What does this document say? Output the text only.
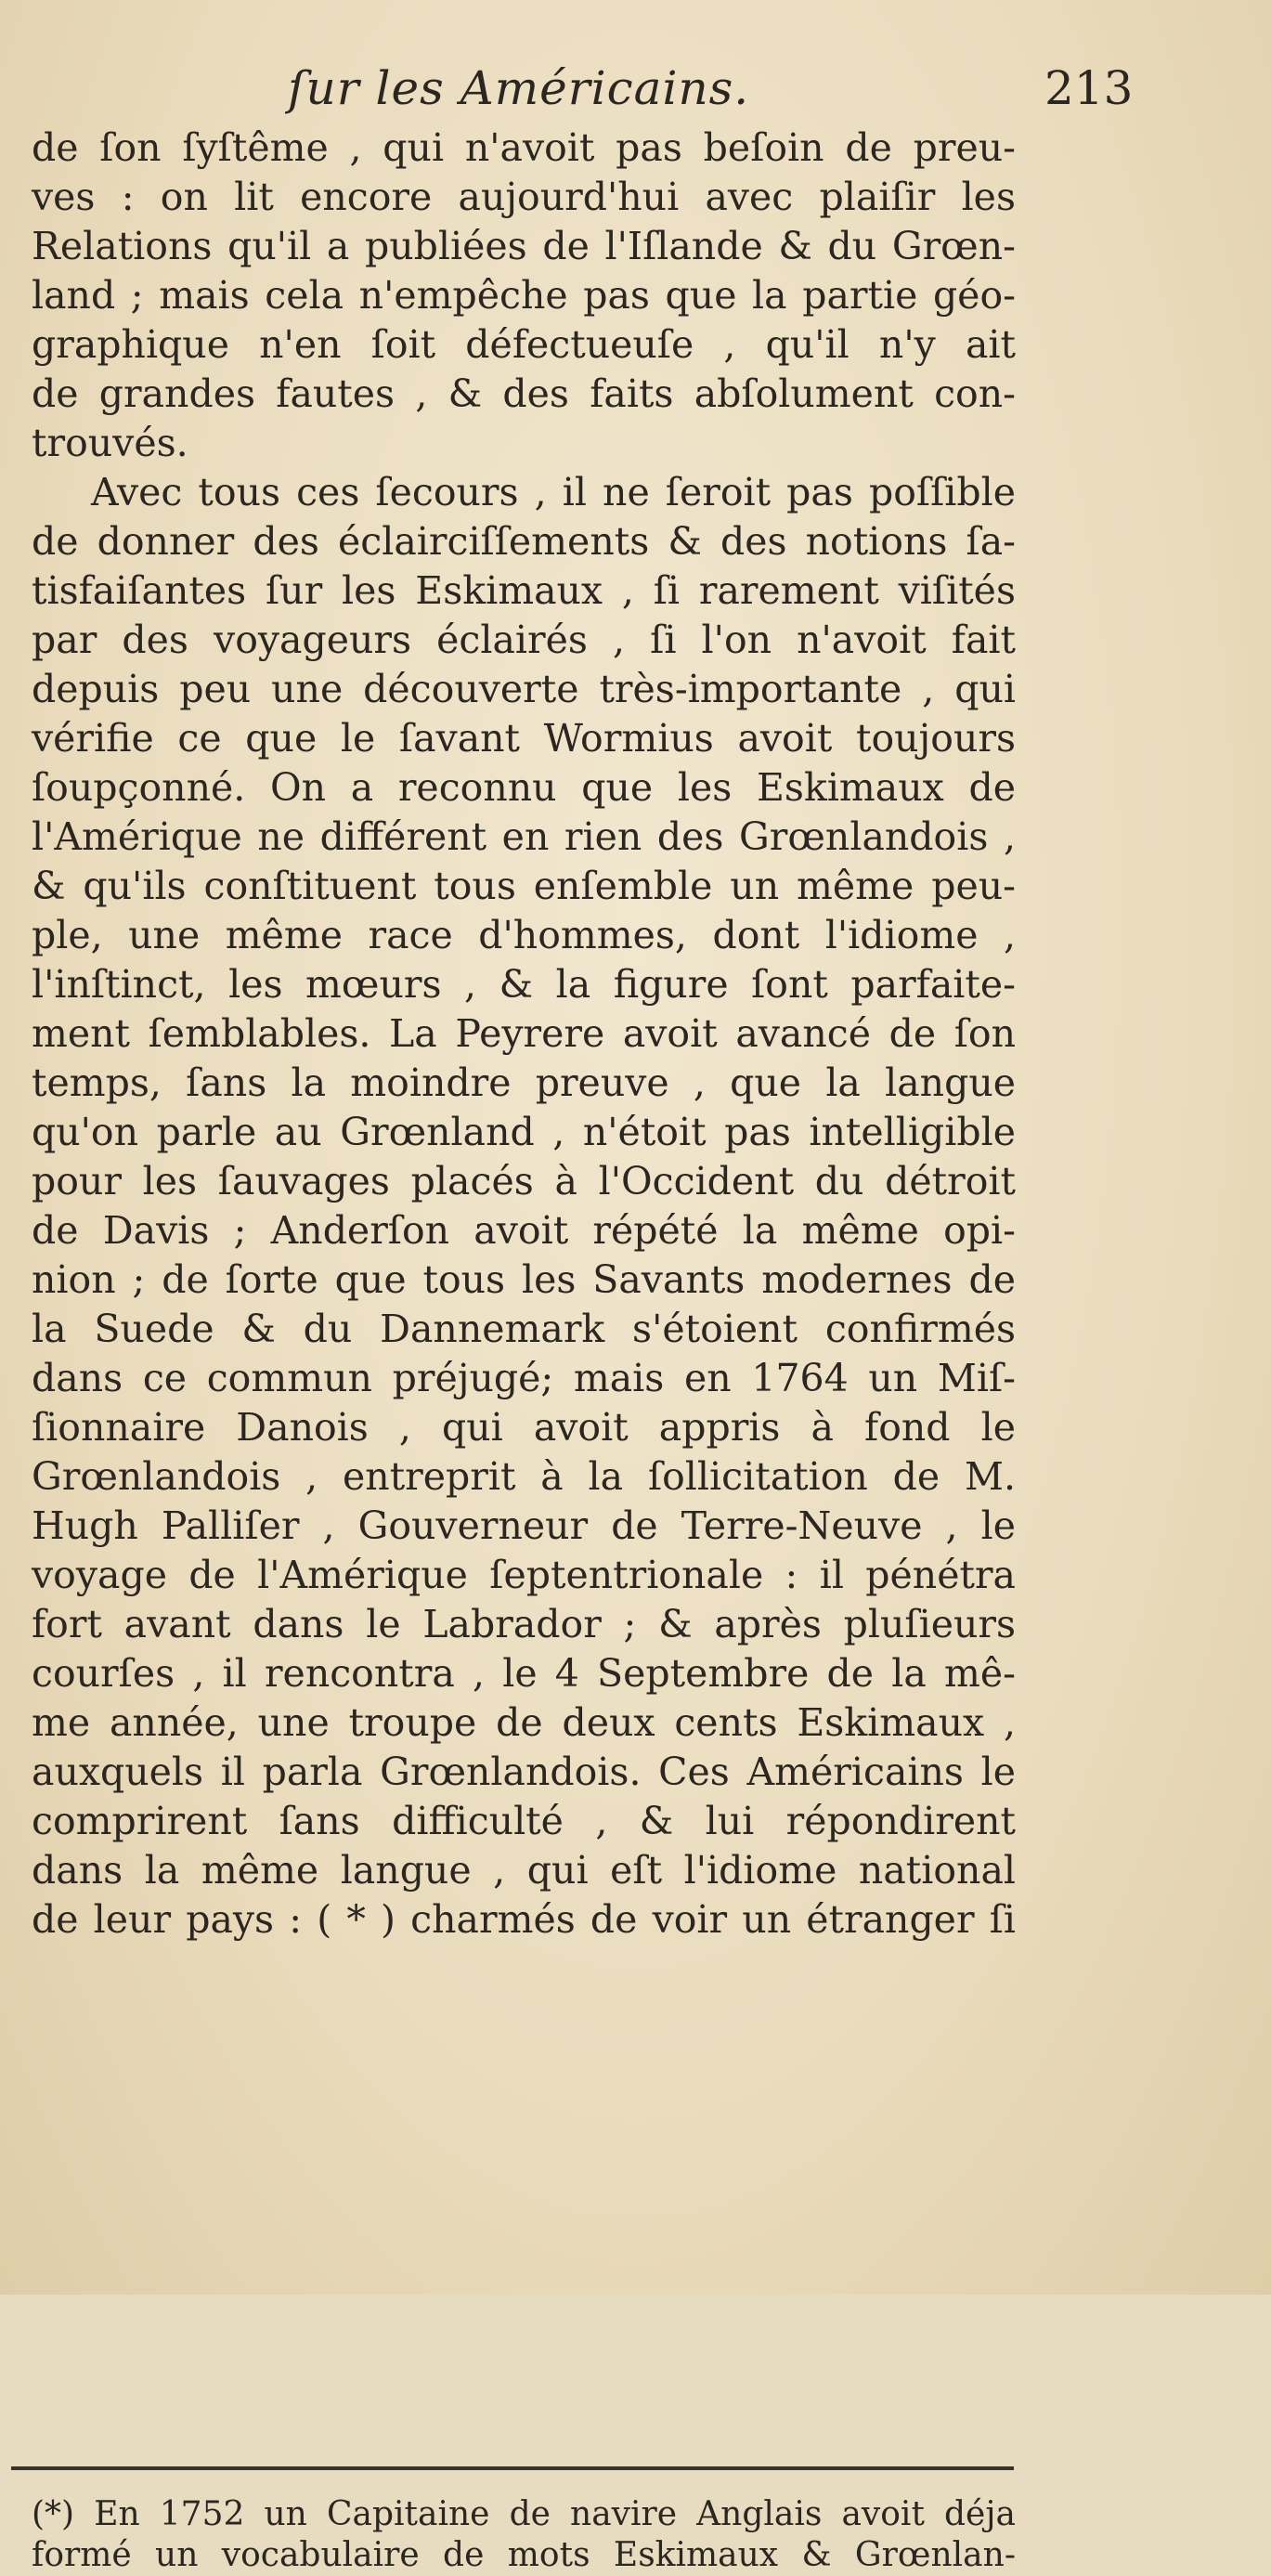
ſur les Américains.	213
de ſon ſyſtême , qui n'avoit pas beſoin de preu-
ves : on lit encore aujourd'hui avec plaiſir les
Relations qu'il a publiées de l'Iſlande & du Grœn-
land ; mais cela n'empêche pas que la partie géo-
graphique n'en ſoit défectueuſe , qu'il n'y ait
de grandes fautes , & des faits abſolument con-
trouvés.
Avec tous ces ſecours , il ne ſeroit pas poſſible
de donner des éclairciſſements & des notions ſa-
tisfaiſantes ſur les Eskimaux , ſi rarement viſités
par des voyageurs éclairés , ſi l'on n'avoit fait
depuis peu une découverte très-importante , qui
vérifie ce que le ſavant Wormius avoit toujours
ſoupçonné. On a reconnu que les Eskimaux de
l'Amérique ne différent en rien des Grœnlandois ,
& qu'ils conſtituent tous enſemble un même peu-
ple, une même race d'hommes, dont l'idiome ,
l'inſtinct, les mœurs , & la figure ſont parfaite-
ment ſemblables. La Peyrere avoit avancé de ſon
temps, ſans la moindre preuve , que la langue
qu'on parle au Grœnland , n'étoit pas intelligible
pour les ſauvages placés à l'Occident du détroit
de Davis ; Anderſon avoit répété la même opi-
nion ; de ſorte que tous les Savants modernes de
la Suede & du Dannemark s'étoient confirmés
dans ce commun préjugé; mais en 1764 un Miſ-
ſionnaire Danois , qui avoit appris à fond le
Grœnlandois , entreprit à la ſollicitation de M.
Hugh Palliſer , Gouverneur de Terre-Neuve , le
voyage de l'Amérique ſeptentrionale : il pénétra
fort avant dans le Labrador ; & après pluſieurs
courſes , il rencontra , le 4 Septembre de la mê-
me année, une troupe de deux cents Eskimaux ,
auxquels il parla Grœnlandois. Ces Américains le
comprirent ſans difficulté , & lui répondirent
dans la même langue , qui eſt l'idiome national
de leur pays : ( * ) charmés de voir un étranger ſi
(*) En 1752 un Capitaine de navire Anglais avoit déja
formé un vocabulaire de mots Eskimaux & Grœnlan-
